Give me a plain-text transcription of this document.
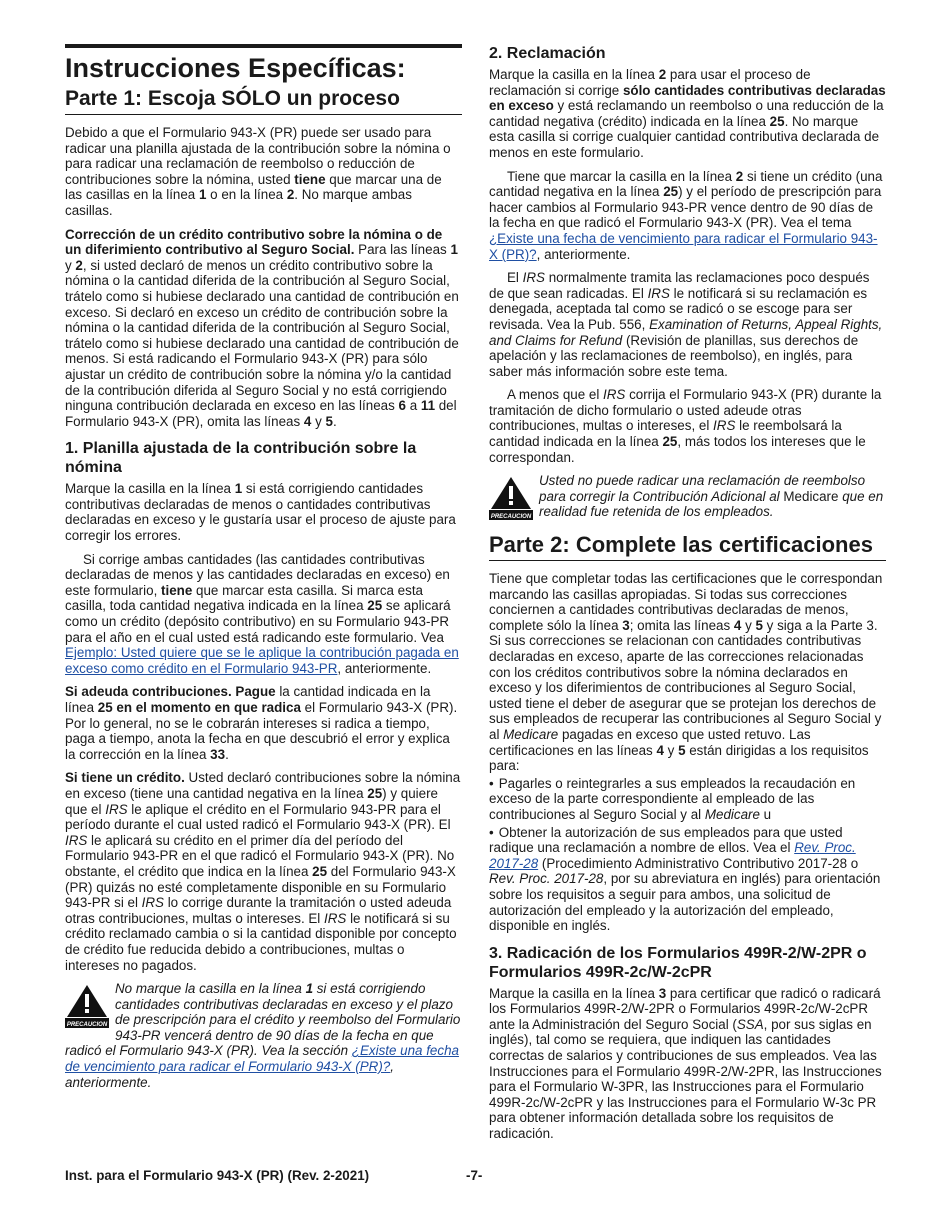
Instrucciones Específicas:
Parte 1: Escoja SÓLO un proceso

Debido a que el Formulario 943-X (PR) puede ser usado para radicar una planilla ajustada de la contribución sobre la nómina o para radicar una reclamación de reembolso o reducción de contribuciones sobre la nómina, usted tiene que marcar una de las casillas en la línea 1 o en la línea 2. No marque ambas casillas.

Corrección de un crédito contributivo sobre la nómina o de un diferimiento contributivo al Seguro Social. Para las líneas 1 y 2, si usted declaró de menos un crédito contributivo sobre la nómina o la cantidad diferida de la contribución al Seguro Social, trátelo como si hubiese declarado una cantidad de contribución en exceso. Si declaró en exceso un crédito de contribución sobre la nómina o la cantidad diferida de la contribución al Seguro Social, trátelo como si hubiese declarado una cantidad de contribución de menos. Si está radicando el Formulario 943-X (PR) para sólo ajustar un crédito de contribución sobre la nómina y/o la cantidad de la contribución diferida al Seguro Social y no está corrigiendo ninguna contribución declarada en exceso en las líneas 6 a 11 del Formulario 943-X (PR), omita las líneas 4 y 5.

1. Planilla ajustada de la contribución sobre la nómina

Marque la casilla en la línea 1 si está corrigiendo cantidades contributivas declaradas de menos o cantidades contributivas declaradas en exceso y le gustaría usar el proceso de ajuste para corregir los errores.

Si corrige ambas cantidades (las cantidades contributivas declaradas de menos y las cantidades declaradas en exceso) en este formulario, tiene que marcar esta casilla. Si marca esta casilla, toda cantidad negativa indicada en la línea 25 se aplicará como un crédito (depósito contributivo) en su Formulario 943-PR para el año en el cual usted está radicando este formulario. Vea Ejemplo: Usted quiere que se le aplique la contribución pagada en exceso como crédito en el Formulario 943-PR, anteriormente.

Si adeuda contribuciones. Pague la cantidad indicada en la línea 25 en el momento en que radica el Formulario 943-X (PR). Por lo general, no se le cobrarán intereses si radica a tiempo, paga a tiempo, anota la fecha en que descubrió el error y explica la corrección en la línea 33.

Si tiene un crédito. Usted declaró contribuciones sobre la nómina en exceso (tiene una cantidad negativa en la línea 25) y quiere que el IRS le aplique el crédito en el Formulario 943-PR para el período durante el cual usted radicó el Formulario 943-X (PR). El IRS le aplicará su crédito en el primer día del período del Formulario 943-PR en el que radicó el Formulario 943-X (PR). No obstante, el crédito que indica en la línea 25 del Formulario 943-X (PR) quizás no esté completamente disponible en su Formulario 943-PR si el IRS lo corrige durante la tramitación o usted adeuda otras contribuciones, multas o intereses. El IRS le notificará si su crédito reclamado cambia o si la cantidad disponible por concepto de crédito fue reducida debido a contribuciones, multas o intereses no pagados.

PRECAUCION
No marque la casilla en la línea 1 si está corrigiendo cantidades contributivas declaradas en exceso y el plazo de prescripción para el crédito y reembolso del Formulario 943-PR vencerá dentro de 90 días de la fecha en que radicó el Formulario 943-X (PR). Vea la sección ¿Existe una fecha de vencimiento para radicar el Formulario 943-X (PR)?, anteriormente.
2. Reclamación

Marque la casilla en la línea 2 para usar el proceso de reclamación si corrige sólo cantidades contributivas declaradas en exceso y está reclamando un reembolso o una reducción de la cantidad negativa (crédito) indicada en la línea 25. No marque esta casilla si corrige cualquier cantidad contributiva declarada de menos en este formulario.

Tiene que marcar la casilla en la línea 2 si tiene un crédito (una cantidad negativa en la línea 25) y el período de prescripción para hacer cambios al Formulario 943-PR vence dentro de 90 días de la fecha en que radicó el Formulario 943-X (PR). Vea el tema ¿Existe una fecha de vencimiento para radicar el Formulario 943-X (PR)?, anteriormente.

El IRS normalmente tramita las reclamaciones poco después de que sean radicadas. El IRS le notificará si su reclamación es denegada, aceptada tal como se radicó o se escoge para ser revisada. Vea la Pub. 556, Examination of Returns, Appeal Rights, and Claims for Refund (Revisión de planillas, sus derechos de apelación y las reclamaciones de reembolso), en inglés, para saber más información sobre este tema.

A menos que el IRS corrija el Formulario 943-X (PR) durante la tramitación de dicho formulario o usted adeude otras contribuciones, multas o intereses, el IRS le reembolsará la cantidad indicada en la línea 25, más todos los intereses que le correspondan.

PRECAUCION
Usted no puede radicar una reclamación de reembolso para corregir la Contribución Adicional al Medicare que en realidad fue retenida de los empleados.
Parte 2: Complete las certificaciones

Tiene que completar todas las certificaciones que le correspondan marcando las casillas apropiadas. Si todas sus correcciones conciernen a cantidades contributivas declaradas de menos, complete sólo la línea 3; omita las líneas 4 y 5 y siga a la Parte 3. Si sus correcciones se relacionan con cantidades contributivas declaradas en exceso, aparte de las correcciones relacionadas con los créditos contributivos sobre la nómina declarados en exceso y los diferimientos de contribuciones al Seguro Social, usted tiene el deber de asegurar que se protejan los derechos de sus empleados de recuperar las contribuciones al Seguro Social y al Medicare pagadas en exceso que usted retuvo. Las certificaciones en las líneas 4 y 5 están dirigidas a los requisitos para:

• Pagarles o reintegrarles a sus empleados la recaudación en exceso de la parte correspondiente al empleado de las contribuciones al Seguro Social y al Medicare u
• Obtener la autorización de sus empleados para que usted radique una reclamación a nombre de ellos. Vea el Rev. Proc. 2017-28 (Procedimiento Administrativo Contributivo 2017-28 o Rev. Proc. 2017-28, por su abreviatura en inglés) para orientación sobre los requisitos a seguir para ambos, una solicitud de autorización del empleado y la autorización del empleado, disponible en inglés.
3. Radicación de los Formularios 499R-2/W-2PR o Formularios 499R-2c/W-2cPR

Marque la casilla en la línea 3 para certificar que radicó o radicará los Formularios 499R-2/W-2PR o Formularios 499R-2c/W-2cPR ante la Administración del Seguro Social (SSA, por sus siglas en inglés), tal como se requiera, que indiquen las cantidades correctas de salarios y contribuciones de sus empleados. Vea las Instrucciones para el Formulario 499R-2/W-2PR, las Instrucciones para el Formulario W-3PR, las Instrucciones para el Formulario 499R-2c/W-2cPR y las Instrucciones para el Formulario W-3c PR para obtener información detallada sobre los requisitos de radicación.

Inst. para el Formulario 943-X (PR) (Rev. 2-2021)	-7-
